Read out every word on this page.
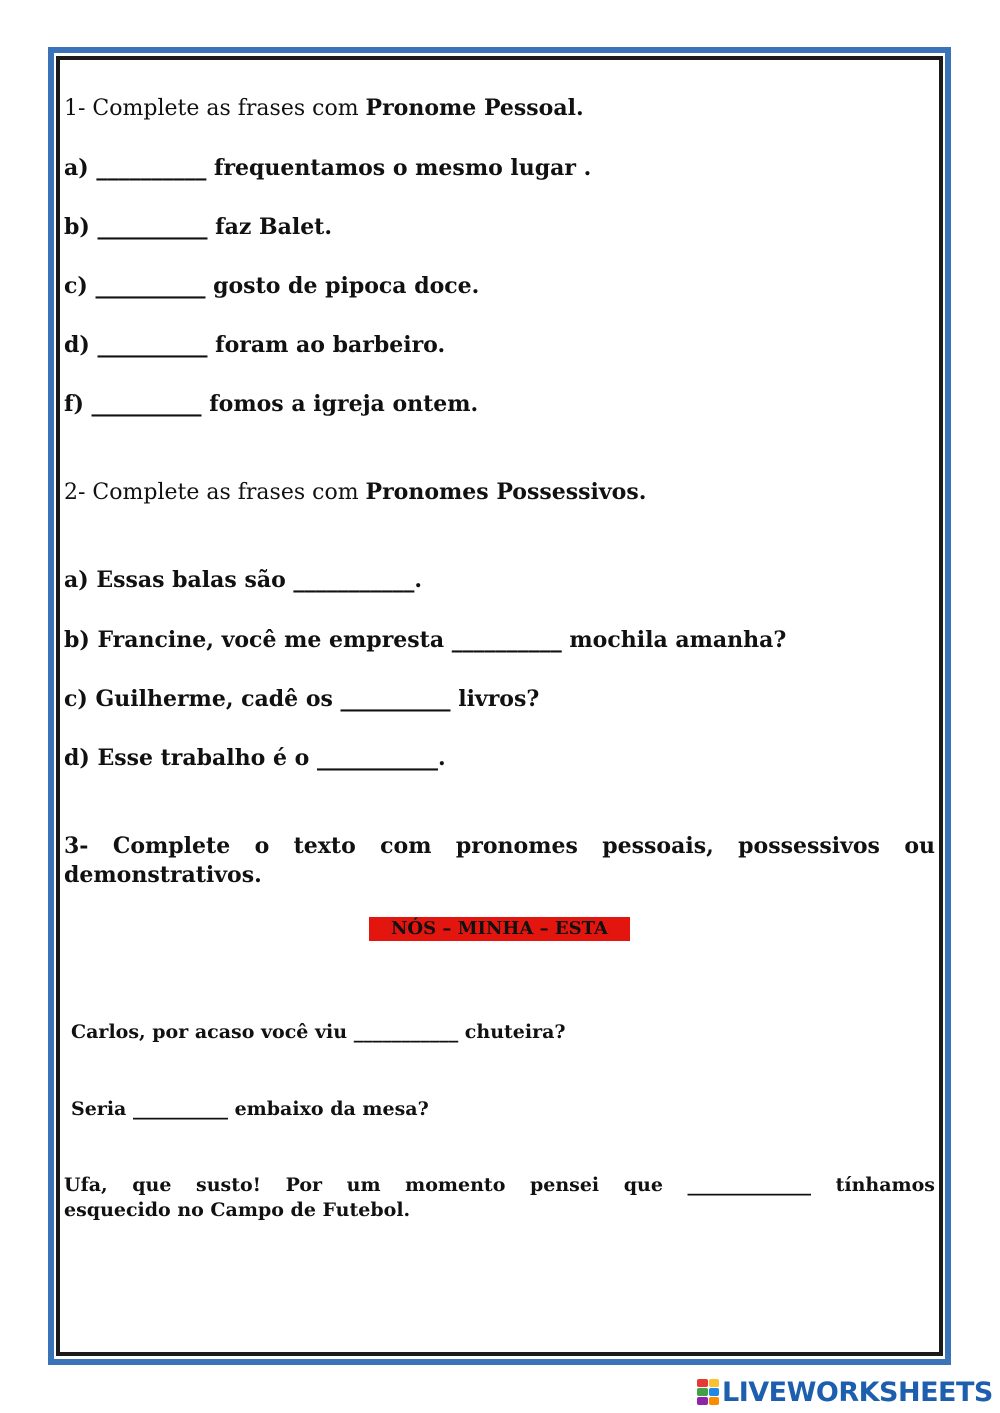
1- Complete as frases com Pronome Pessoal.
a) __________ frequentamos o mesmo lugar .
b) __________ faz Balet.
c) __________ gosto de pipoca doce.
d) __________ foram ao barbeiro.
f) __________ fomos a igreja ontem.
2- Complete as frases com Pronomes Possessivos.
a) Essas balas são ___________.
b) Francine, você me empresta __________ mochila amanha?
c) Guilherme, cadê os __________ livros?
d) Esse trabalho é o ___________.
3- Complete o texto com pronomes pessoais, possessivos ou
demonstrativos.
NÓS – MINHA – ESTA
Carlos, por acaso você viu ___________ chuteira?
Seria __________ embaixo da mesa?
Ufa, que susto! Por um momento pensei que _____________ tínhamos
esquecido no Campo de Futebol.
LIVEWORKSHEETS
